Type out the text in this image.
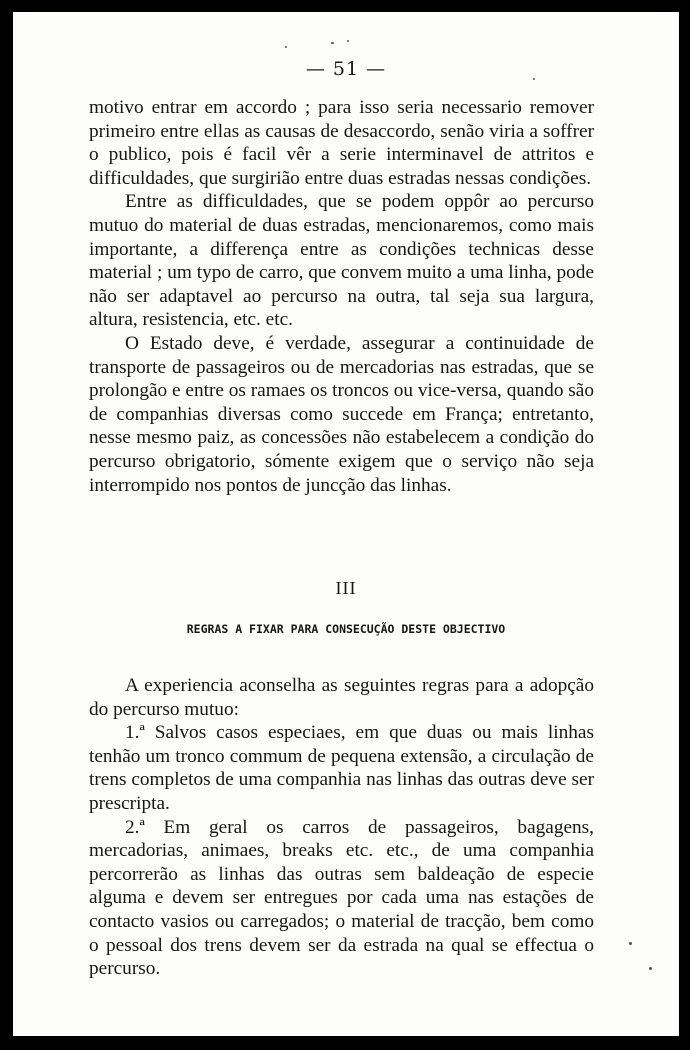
— 51 —

motivo entrar em accordo ; para isso seria necessario remover primeiro entre ellas as causas de desaccordo, senão viria a soffrer o publico, pois é facil vêr a serie interminavel de attritos e difficuldades, que surgirião entre duas estradas nessas condições.

Entre as difficuldades, que se podem oppôr ao percurso mutuo do material de duas estradas, mencionaremos, como mais importante, a differença entre as condições technicas desse material ; um typo de carro, que convem muito a uma linha, pode não ser adaptavel ao percurso na outra, tal seja sua largura, altura, resistencia, etc. etc.

O Estado deve, é verdade, assegurar a continuidade de transporte de passageiros ou de mercadorias nas estradas, que se prolongão e entre os ramaes os troncos ou vice-versa, quando são de companhias diversas como succede em França; entretanto, nesse mesmo paiz, as concessões não estabelecem a condição do percurso obrigatorio, sómente exigem que o serviço não seja interrompido nos pontos de juncção das linhas.

III
REGRAS A FIXAR PARA CONSECUÇÃO DESTE OBJECTIVO

A experiencia aconselha as seguintes regras para a adopção do percurso mutuo:

1.ª Salvos casos especiaes, em que duas ou mais linhas tenhão um tronco commum de pequena extensão, a circulação de trens completos de uma companhia nas linhas das outras deve ser prescripta.

2.ª Em geral os carros de passageiros, bagagens, mercadorias, animaes, breaks etc. etc., de uma companhia percorrerão as linhas das outras sem baldeação de especie alguma e devem ser entregues por cada uma nas estações de contacto vasios ou carregados; o material de tracção, bem como o pessoal dos trens devem ser da estrada na qual se effectua o percurso.
